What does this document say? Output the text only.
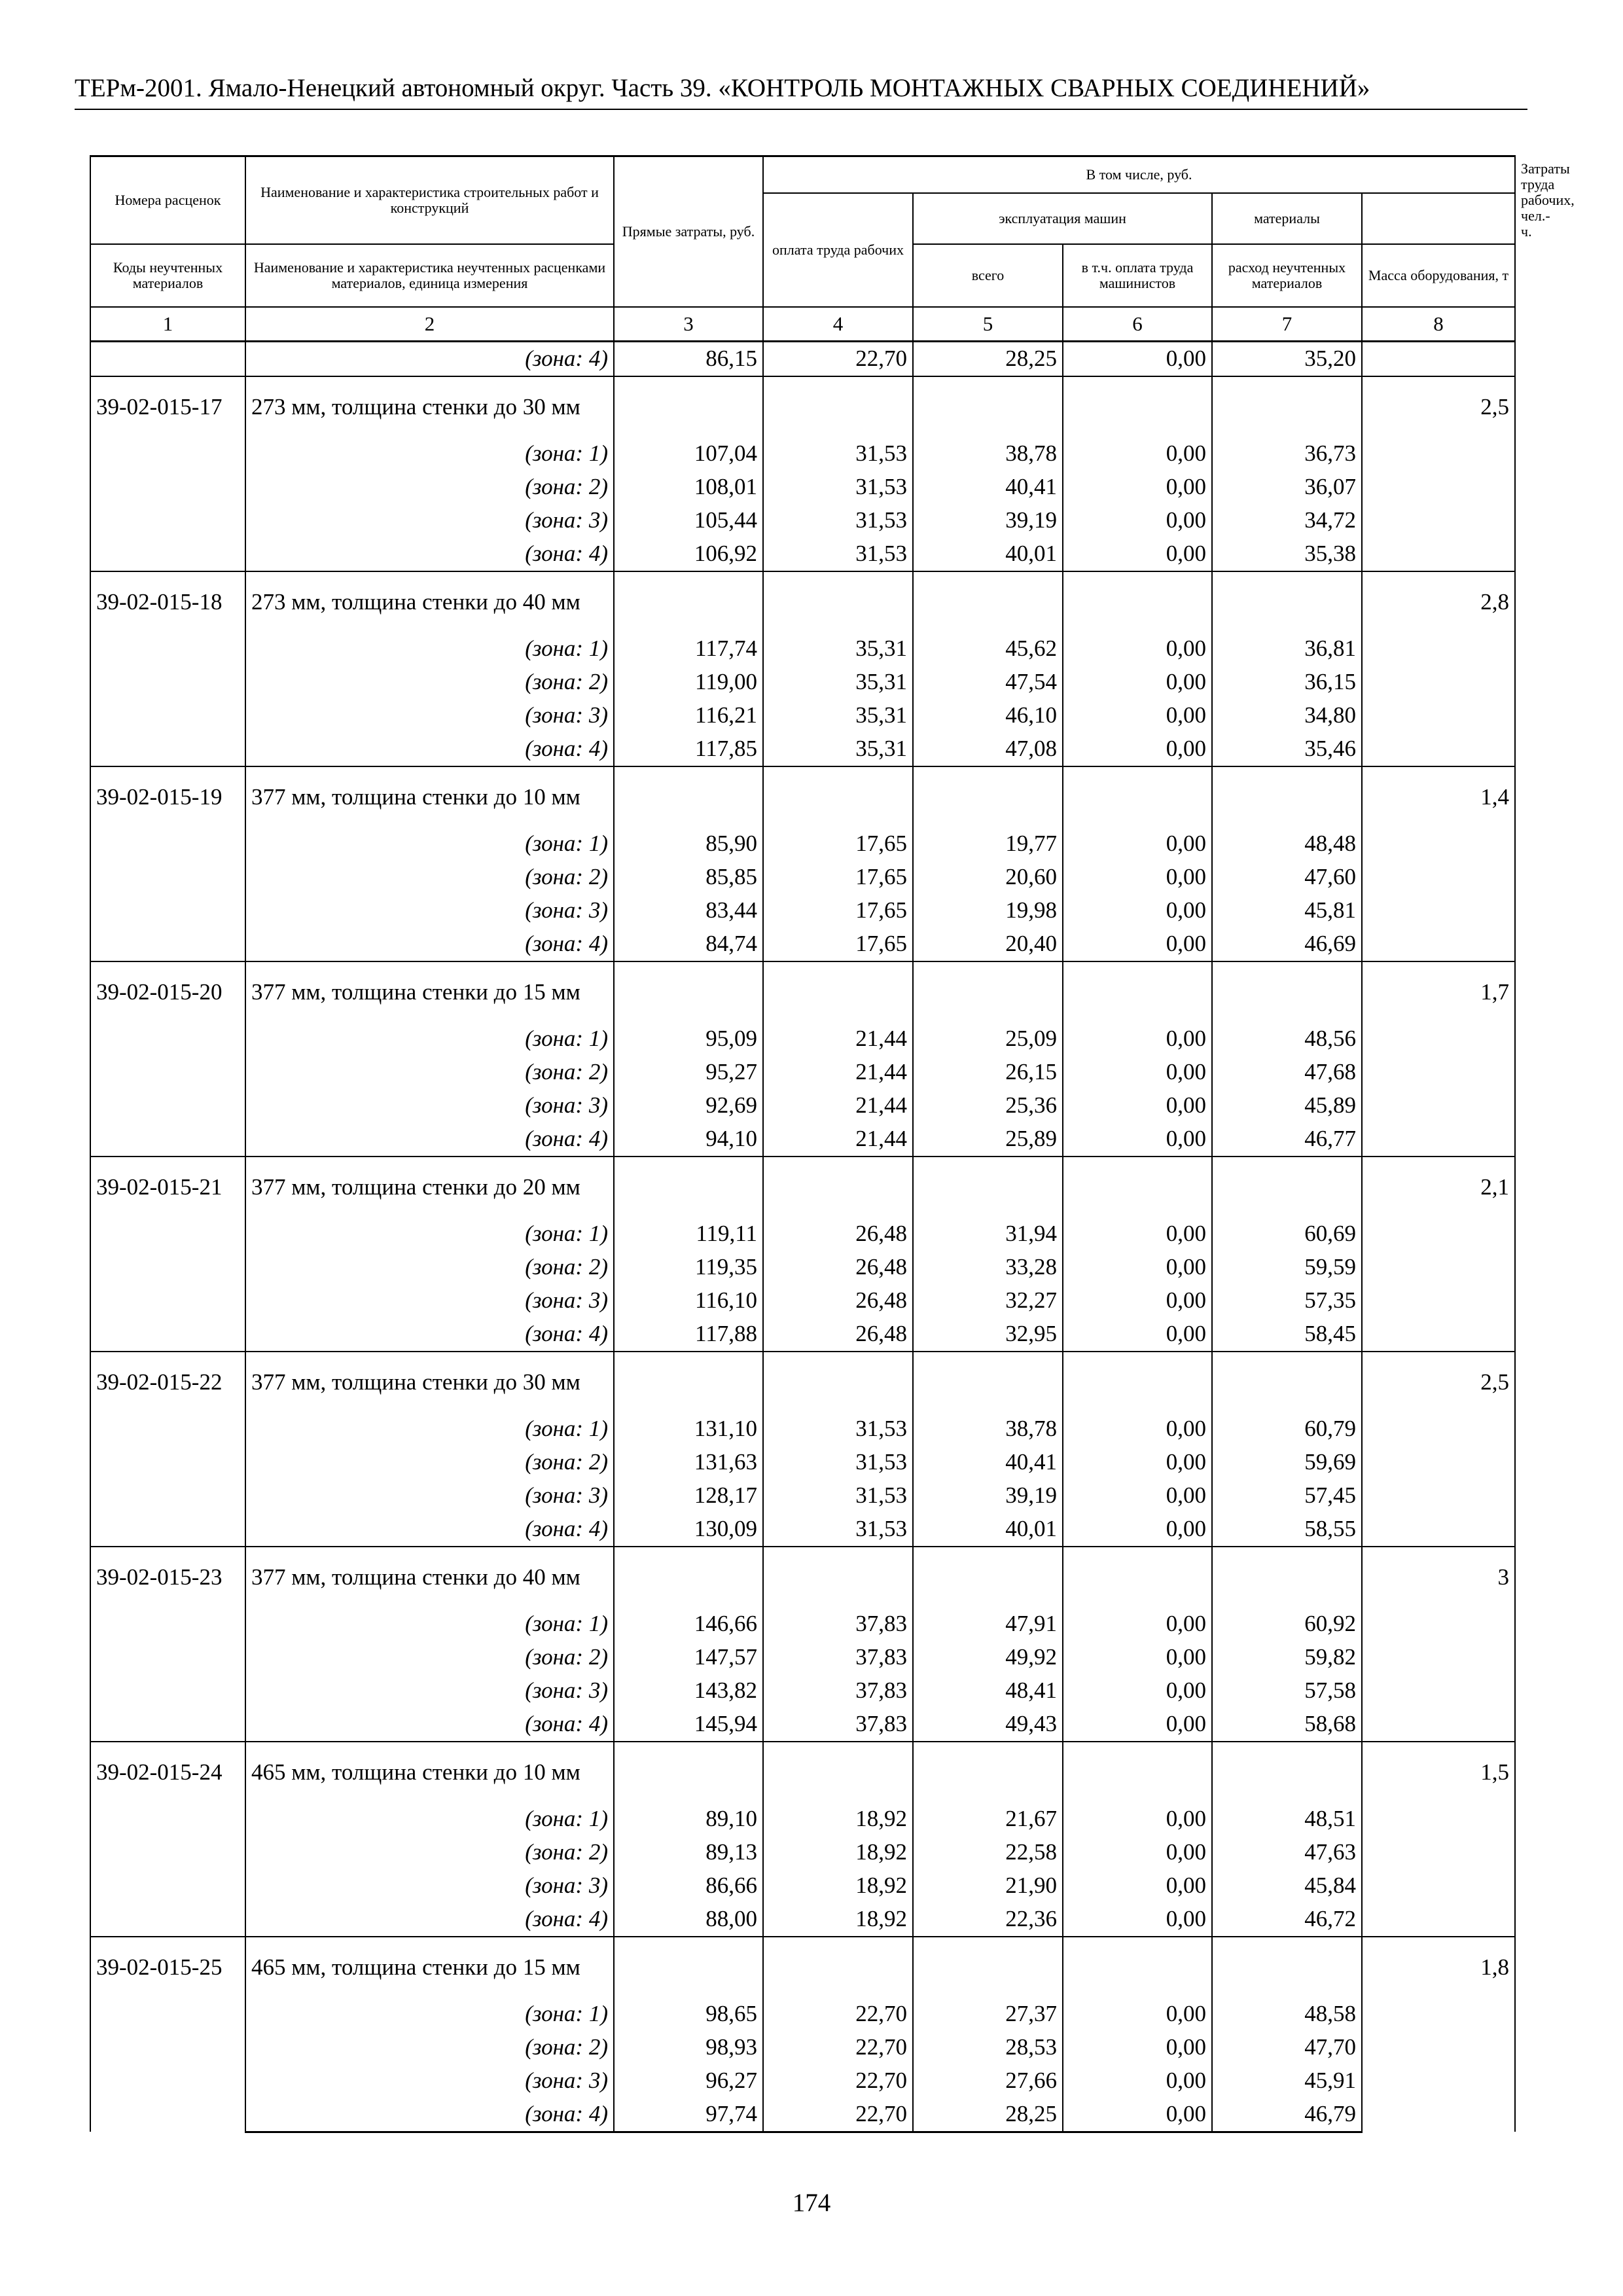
ТЕРм-2001. Ямало-Ненецкий автономный округ. Часть 39. «КОНТРОЛЬ МОНТАЖНЫХ СВАРНЫХ СОЕДИНЕНИЙ»
Номера расценок	Наименование и характеристика строительных работ и конструкций	Прямые затраты, руб.	В том числе, руб.					Затраты труда рабочих, чел.-ч.
			оплата труда рабочих	эксплуатация машин		материалы		
Коды неучтенных материалов	Наименование и характеристика неучтенных расценками материалов, единица измерения			всего	в т.ч. оплата труда машинистов	расход неучтенных материалов	Масса оборудования, т	
1	2	3	4	5	6	7	8	
	(зона: 4)	86,15	22,70	28,25	0,00	35,20		
39-02-015-17	273 мм, толщина стенки до 30 мм						2,5	
	(зона: 1)	107,04	31,53	38,78	0,00	36,73		
	(зона: 2)	108,01	31,53	40,41	0,00	36,07		
	(зона: 3)	105,44	31,53	39,19	0,00	34,72		
	(зона: 4)	106,92	31,53	40,01	0,00	35,38		
39-02-015-18	273 мм, толщина стенки до 40 мм						2,8	
	(зона: 1)	117,74	35,31	45,62	0,00	36,81		
	(зона: 2)	119,00	35,31	47,54	0,00	36,15		
	(зона: 3)	116,21	35,31	46,10	0,00	34,80		
	(зона: 4)	117,85	35,31	47,08	0,00	35,46		
39-02-015-19	377 мм, толщина стенки до 10 мм						1,4	
	(зона: 1)	85,90	17,65	19,77	0,00	48,48		
	(зона: 2)	85,85	17,65	20,60	0,00	47,60		
	(зона: 3)	83,44	17,65	19,98	0,00	45,81		
	(зона: 4)	84,74	17,65	20,40	0,00	46,69		
39-02-015-20	377 мм, толщина стенки до 15 мм						1,7	
	(зона: 1)	95,09	21,44	25,09	0,00	48,56		
	(зона: 2)	95,27	21,44	26,15	0,00	47,68		
	(зона: 3)	92,69	21,44	25,36	0,00	45,89		
	(зона: 4)	94,10	21,44	25,89	0,00	46,77		
39-02-015-21	377 мм, толщина стенки до 20 мм						2,1	
	(зона: 1)	119,11	26,48	31,94	0,00	60,69		
	(зона: 2)	119,35	26,48	33,28	0,00	59,59		
	(зона: 3)	116,10	26,48	32,27	0,00	57,35		
	(зона: 4)	117,88	26,48	32,95	0,00	58,45		
39-02-015-22	377 мм, толщина стенки до 30 мм						2,5	
	(зона: 1)	131,10	31,53	38,78	0,00	60,79		
	(зона: 2)	131,63	31,53	40,41	0,00	59,69		
	(зона: 3)	128,17	31,53	39,19	0,00	57,45		
	(зона: 4)	130,09	31,53	40,01	0,00	58,55		
39-02-015-23	377 мм, толщина стенки до 40 мм						3	
	(зона: 1)	146,66	37,83	47,91	0,00	60,92		
	(зона: 2)	147,57	37,83	49,92	0,00	59,82		
	(зона: 3)	143,82	37,83	48,41	0,00	57,58		
	(зона: 4)	145,94	37,83	49,43	0,00	58,68		
39-02-015-24	465 мм, толщина стенки до 10 мм						1,5	
	(зона: 1)	89,10	18,92	21,67	0,00	48,51		
	(зона: 2)	89,13	18,92	22,58	0,00	47,63		
	(зона: 3)	86,66	18,92	21,90	0,00	45,84		
	(зона: 4)	88,00	18,92	22,36	0,00	46,72		
39-02-015-25	465 мм, толщина стенки до 15 мм						1,8	
	(зона: 1)	98,65	22,70	27,37	0,00	48,58		
	(зона: 2)	98,93	22,70	28,53	0,00	47,70		
	(зона: 3)	96,27	22,70	27,66	0,00	45,91		
	(зона: 4)	97,74	22,70	28,25	0,00	46,79		
174
